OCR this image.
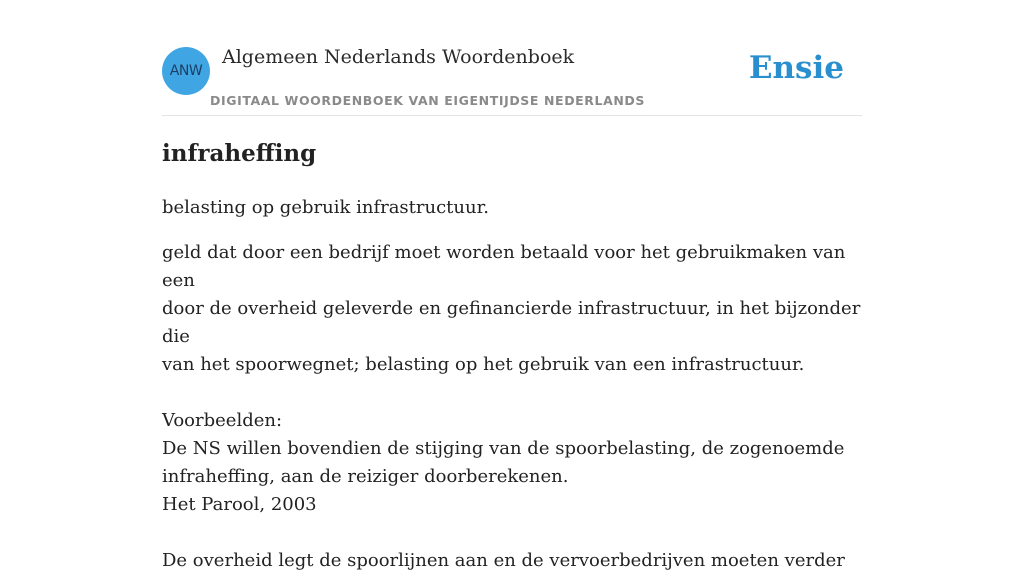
ANW
Algemeen Nederlands Woordenboek
DIGITAAL WOORDENBOEK VAN EIGENTIJDSE NEDERLANDS
Ensie
infraheffing
belasting op gebruik infrastructuur.

geld dat door een bedrijf moet worden betaald voor het gebruikmaken van een

door de overheid geleverde en gefinancierde infrastructuur, in het bijzonder die

van het spoorwegnet; belasting op het gebruik van een infrastructuur.

Voorbeelden:

De NS willen bovendien de stijging van de spoorbelasting, de zogenoemde

infraheffing, aan de reiziger doorberekenen.

Het Parool, 2003

De overheid legt de spoorlijnen aan en de vervoerbedrijven moeten verder
